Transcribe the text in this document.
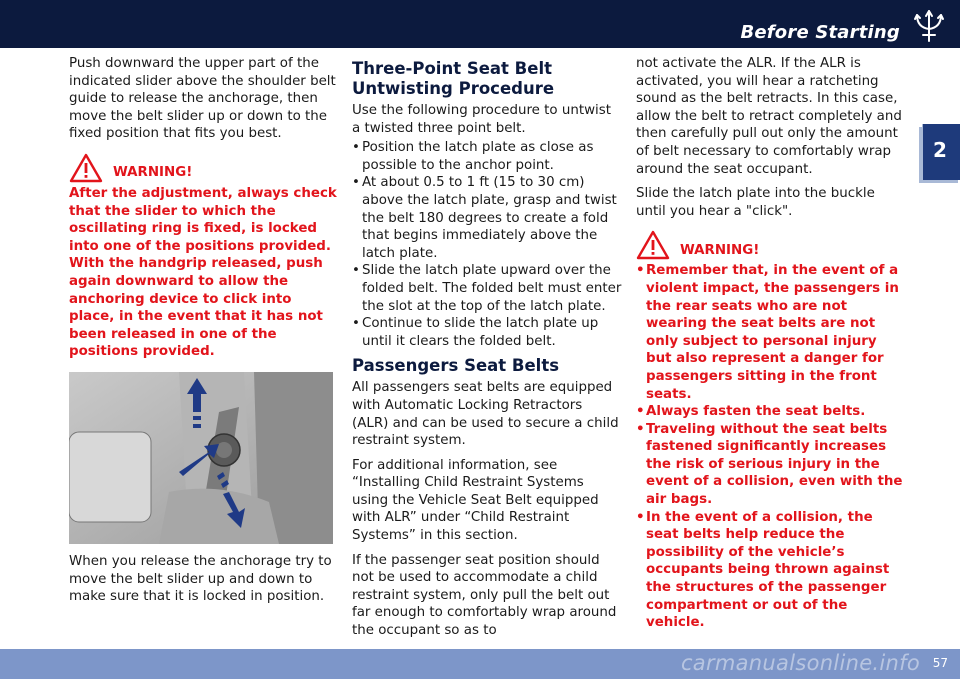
Before Starting
2

Push downward the upper part of the indicated slider above the shoulder belt guide to release the anchorage, then move the belt slider up or down to the fixed position that fits you best.

WARNING!
After the adjustment, always check that the slider to which the oscillating ring is fixed, is locked into one of the positions provided. With the handgrip released, push again downward to allow the anchoring device to click into place, in the event that it has not been released in one of the positions provided.

When you release the anchorage try to move the belt slider up and down to make sure that it is locked in position.

Three-Point Seat Belt Untwisting Procedure

Use the following procedure to untwist a twisted three point belt.

• Position the latch plate as close as possible to the anchor point.
• At about 0.5 to 1 ft (15 to 30 cm) above the latch plate, grasp and twist the belt 180 degrees to create a fold that begins immediately above the latch plate.
• Slide the latch plate upward over the folded belt. The folded belt must enter the slot at the top of the latch plate.
• Continue to slide the latch plate up until it clears the folded belt.
Passengers Seat Belts

All passengers seat belts are equipped with Automatic Locking Retractors (ALR) and can be used to secure a child restraint system.

For additional information, see “Installing Child Restraint Systems using the Vehicle Seat Belt equipped with ALR” under “Child Restraint Systems” in this section.

If the passenger seat position should not be used to accommodate a child restraint system, only pull the belt out far enough to comfortably wrap around the occupant so as to

not activate the ALR. If the ALR is activated, you will hear a ratcheting sound as the belt retracts. In this case, allow the belt to retract completely and then carefully pull out only the amount of belt necessary to comfortably wrap around the seat occupant.

Slide the latch plate into the buckle until you hear a "click".

WARNING!
• Remember that, in the event of a violent impact, the passengers in the rear seats who are not wearing the seat belts are not only subject to personal injury but also represent a danger for passengers sitting in the front seats.
• Always fasten the seat belts.
• Traveling without the seat belts fastened significantly increases the risk of serious injury in the event of a collision, even with the air bags.
• In the event of a collision, the seat belts help reduce the possibility of the vehicle’s occupants being thrown against the structures of the passenger compartment or out of the vehicle.
carmanualsonline.info 57
